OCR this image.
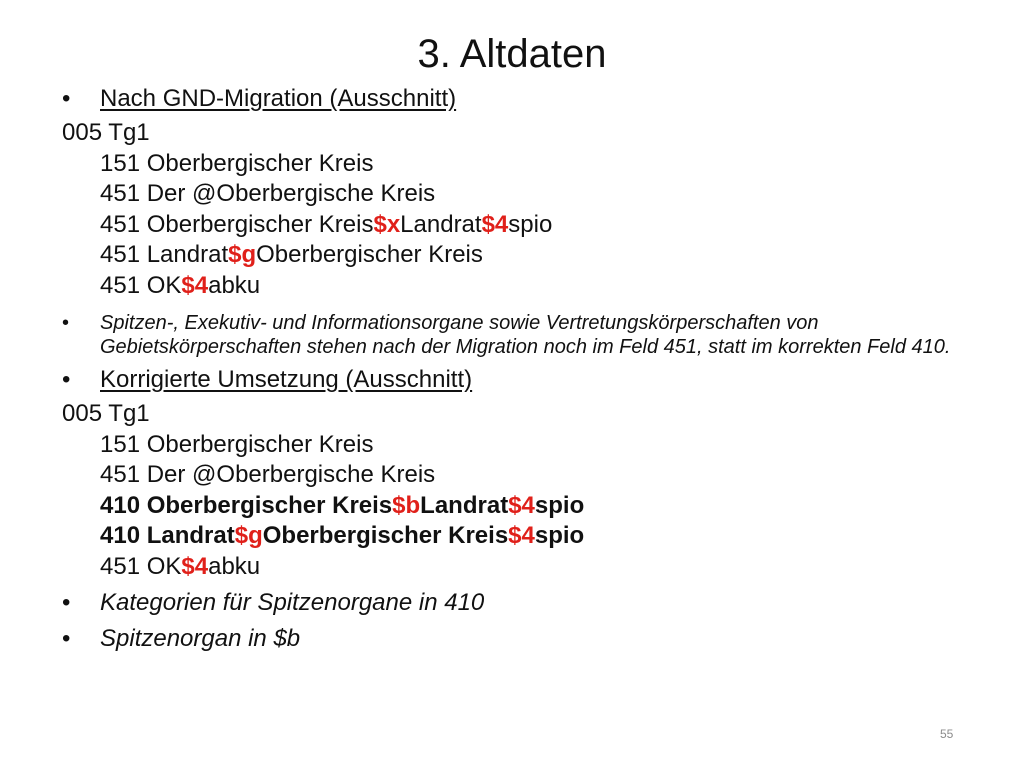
3. Altdaten
• Nach GND-Migration (Ausschnitt)
005 Tg1
151 Oberbergischer Kreis
451 Der @Oberbergische Kreis
451 Oberbergischer Kreis$xLandrat$4spio
451 Landrat$gOberbergischer Kreis
451 OK$4abku
• Spitzen-, Exekutiv- und Informationsorgane sowie Vertretungskörperschaften von Gebietskörperschaften stehen nach der Migration noch im Feld 451, statt im korrekten Feld 410.
• Korrigierte Umsetzung (Ausschnitt)
005 Tg1
151 Oberbergischer Kreis
451 Der @Oberbergische Kreis
410 Oberbergischer Kreis$bLandrat$4spio
410 Landrat$gOberbergischer Kreis$4spio
451 OK$4abku
• Kategorien für Spitzenorgane in 410
• Spitzenorgan in $b
55
